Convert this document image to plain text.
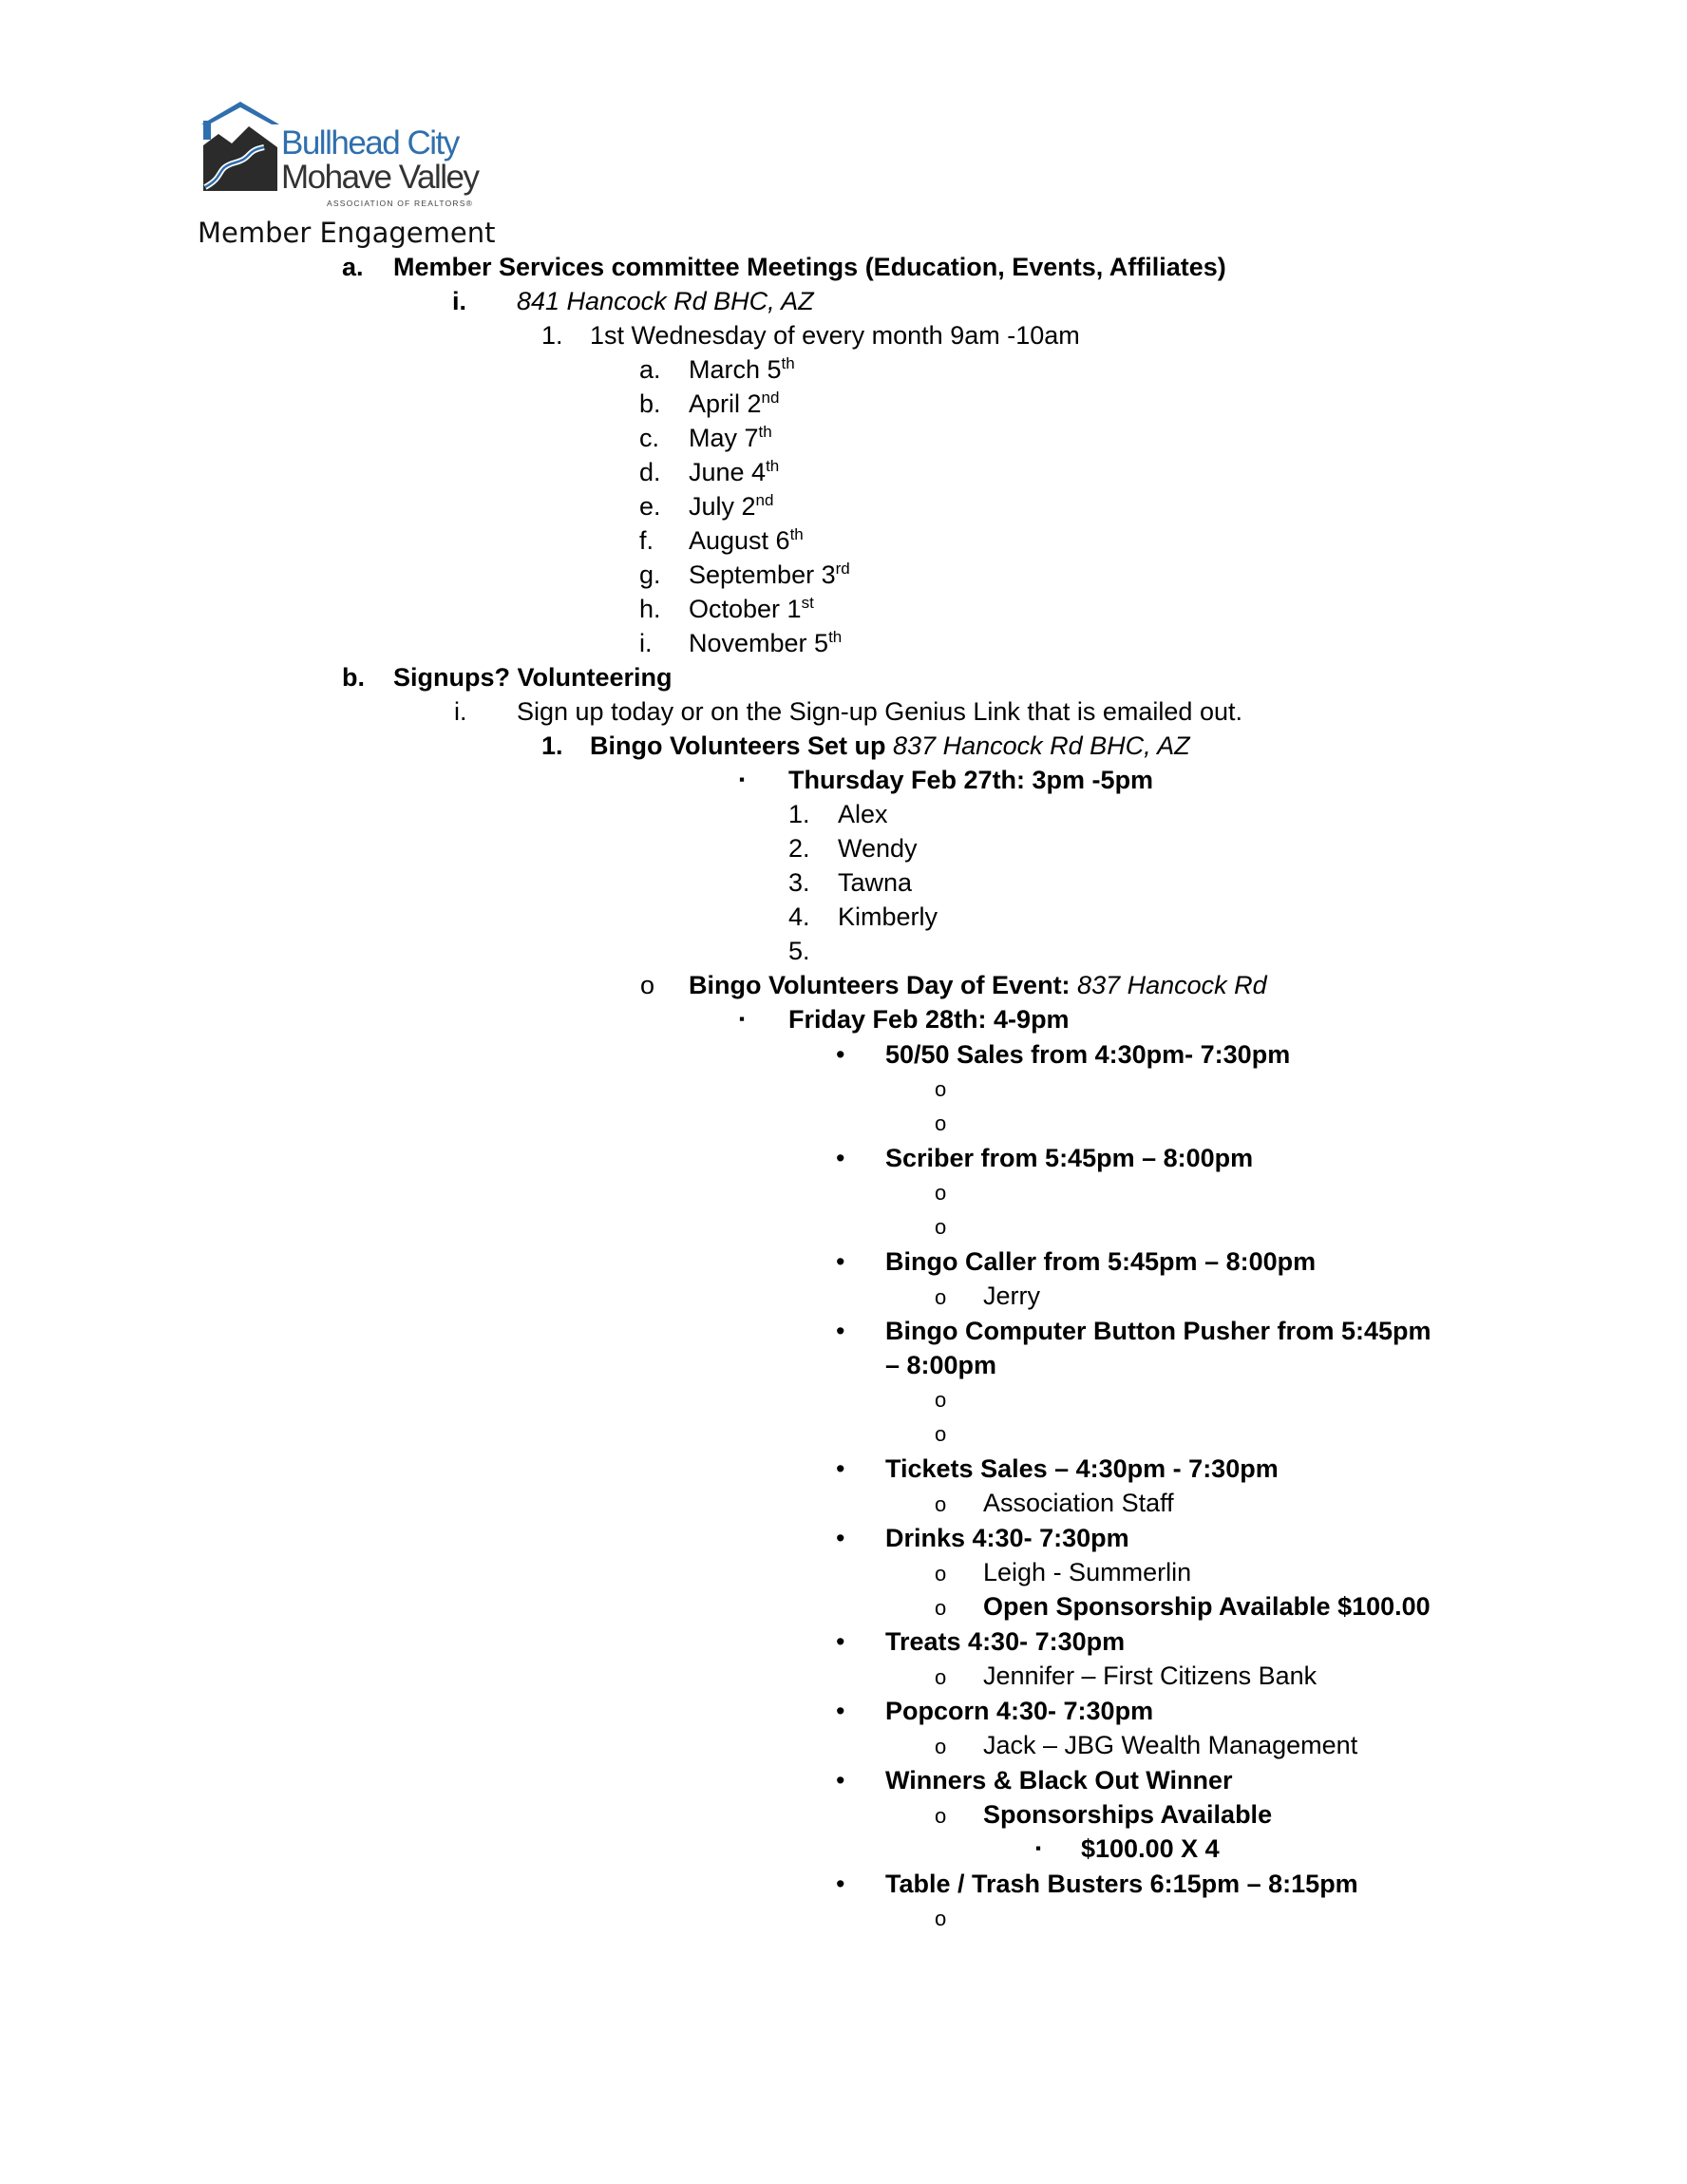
Bullhead City
Mohave Valley
ASSOCIATION OF REALTORS®
Member Engagement
a. Member Services committee Meetings (Education, Events, Affiliates)
i. 841 Hancock Rd BHC, AZ
1. 1st Wednesday of every month 9am -10am
a. March 5th
b. April 2nd
c. May 7th
d. June 4th
e. July 2nd
f. August 6th
g. September 3rd
h. October 1st
i. November 5th
b. Signups? Volunteering
i. Sign up today or on the Sign-up Genius Link that is emailed out.
1. Bingo Volunteers Set up 837 Hancock Rd BHC, AZ
▪ Thursday Feb 27th: 3pm -5pm
1. Alex
2. Wendy
3. Tawna
4. Kimberly
5.
o Bingo Volunteers Day of Event: 837 Hancock Rd
▪ Friday Feb 28th: 4-9pm
50/50 Sales from 4:30pm- 7:30pm
Scriber from 5:45pm – 8:00pm
Bingo Caller from 5:45pm – 8:00pm
Jerry
Bingo Computer Button Pusher from 5:45pm
– 8:00pm
Tickets Sales – 4:30pm - 7:30pm
Association Staff
Drinks 4:30- 7:30pm
Leigh - Summerlin
Open Sponsorship Available $100.00
Treats 4:30- 7:30pm
Jennifer – First Citizens Bank
Popcorn 4:30- 7:30pm
Jack – JBG Wealth Management
Winners & Black Out Winner
Sponsorships Available
$100.00 X 4
Table / Trash Busters 6:15pm – 8:15pm
•
•
•
•
•
•
•
•
•
•
o
o
o
o
o
o
o
o
o
o
o
o
o
o
▪
